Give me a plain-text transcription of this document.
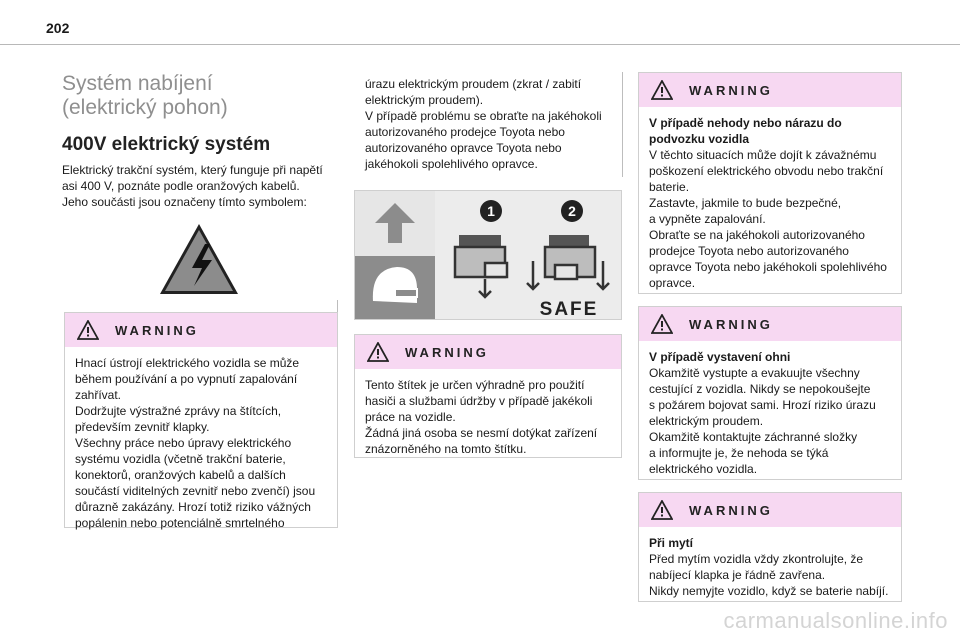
202
Systém nabíjení
(elektrický pohon)
400V elektrický systém

Elektrický trakční systém, který funguje při napětí
asi 400 V, poznáte podle oranžových kabelů.
Jeho součásti jsou označeny tímto symbolem:

WARNING
Hnací ústrojí elektrického vozidla se může
během používání a po vypnutí zapalování
zahřívat.
Dodržujte výstražné zprávy na štítcích,
především zevnitř klapky.
Všechny práce nebo úpravy elektrického
systému vozidla (včetně trakční baterie,
konektorů, oranžových kabelů a dalších
součástí viditelných zevnitř nebo zvenčí) jsou
důrazně zakázány. Hrozí totiž riziko vážných
popálenin nebo potenciálně smrtelného
úrazu elektrickým proudem (zkrat / zabití
elektrickým proudem).
V případě problému se obraťte na jakéhokoli
autorizovaného prodejce Toyota nebo
autorizovaného opravce Toyota nebo
jakéhokoli spolehlivého opravce.
1	2
SAFE
WARNING
Tento štítek je určen výhradně pro použití
hasiči a službami údržby v případě jakékoli
práce na vozidle.
Žádná jiná osoba se nesmí dotýkat zařízení
znázorněného na tomto štítku.
WARNING
V případě nehody nebo nárazu do
podvozku vozidla
V těchto situacích může dojít k závažnému
poškození elektrického obvodu nebo trakční
baterie.
Zastavte, jakmile to bude bezpečné,
a vypněte zapalování.
Obraťte se na jakéhokoli autorizovaného
prodejce Toyota nebo autorizovaného
opravce Toyota nebo jakéhokoli spolehlivého
opravce.
WARNING
V případě vystavení ohni
Okamžitě vystupte a evakuujte všechny
cestující z vozidla. Nikdy se nepokoušejte
s požárem bojovat sami. Hrozí riziko úrazu
elektrickým proudem.
Okamžitě kontaktujte záchranné složky
a informujte je, že nehoda se týká
elektrického vozidla.
WARNING
Při mytí
Před mytím vozidla vždy zkontrolujte, že
nabíjecí klapka je řádně zavřena.
Nikdy nemyjte vozidlo, když se baterie nabíjí.
carmanualsonline.info
